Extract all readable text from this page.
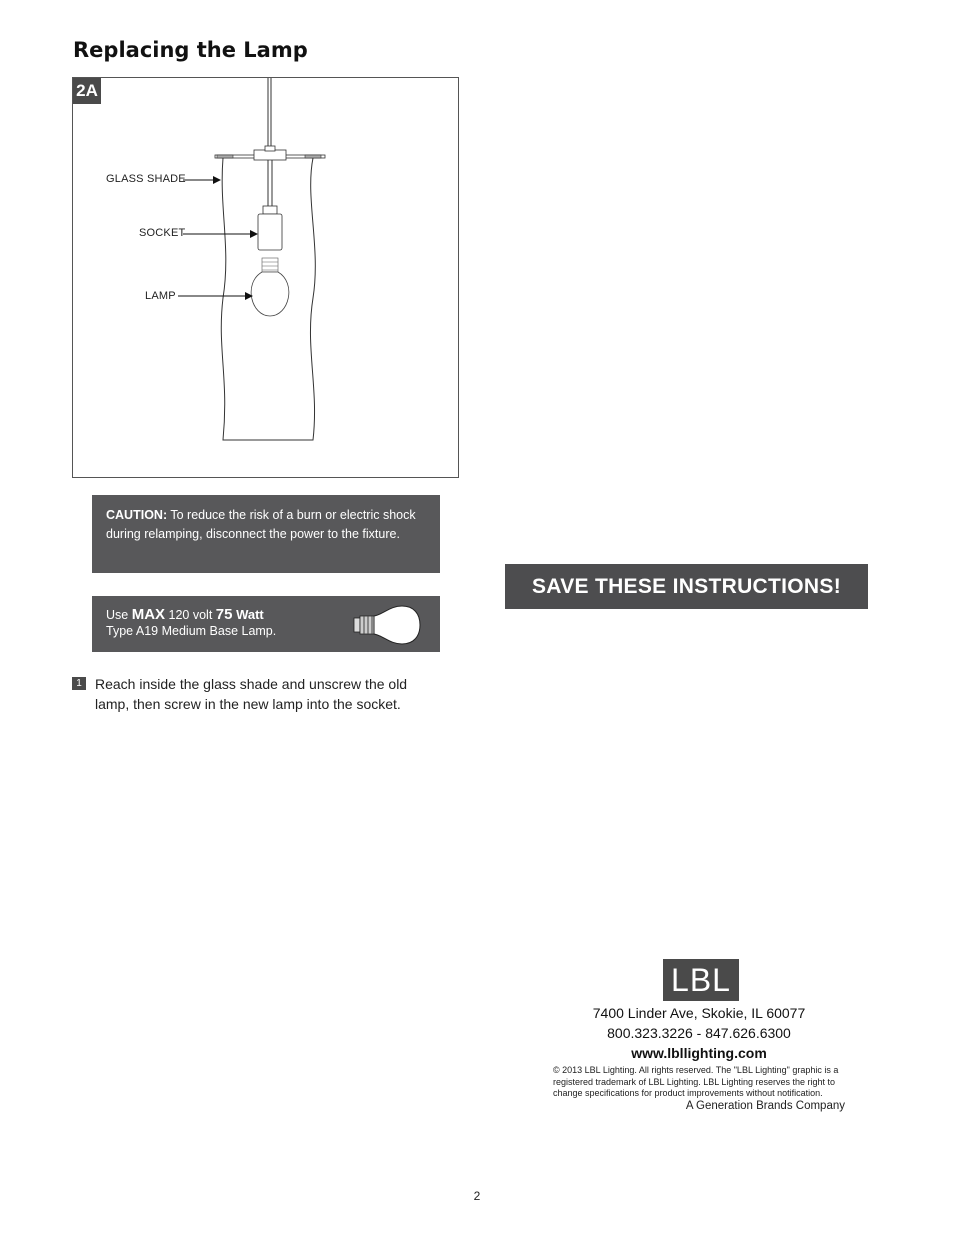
Replacing the Lamp
2A
GLASS SHADE
SOCKET
LAMP
CAUTION: To reduce the risk of a burn or electric shock during relamping, disconnect the power to the fixture.
Use MAX 120 volt 75 Watt
Type A19 Medium Base Lamp.
1 Reach inside the glass shade and unscrew the old lamp, then screw in the new lamp into the socket.

SAVE THESE INSTRUCTIONS!
LBL
7400 Linder Ave, Skokie, IL 60077
800.323.3226 - 847.626.6300
www.lbllighting.com
© 2013 LBL Lighting. All rights reserved. The "LBL Lighting" graphic is a registered trademark of LBL Lighting. LBL Lighting reserves the right to change specifications for product improvements without notification.
A Generation Brands Company
2
